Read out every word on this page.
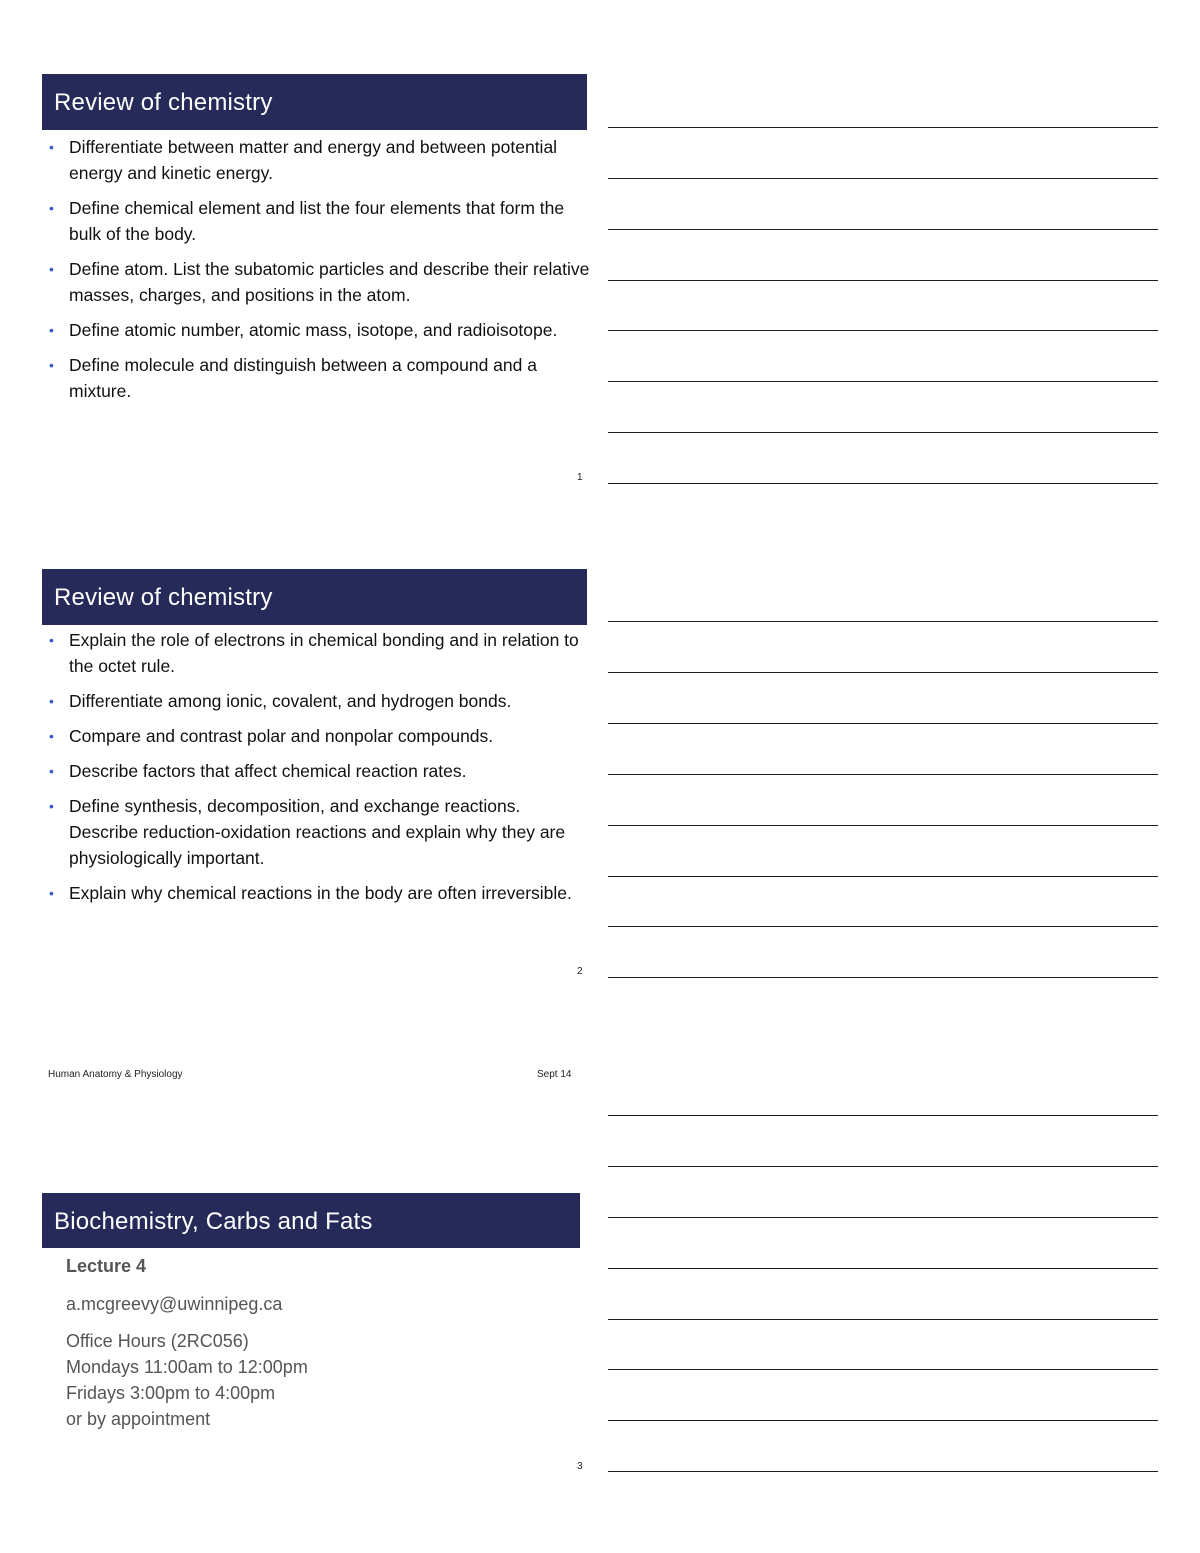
Review of chemistry
• Differentiate between matter and energy and between potential energy and kinetic energy.
• Define chemical element and list the four elements that form the bulk of the body.
• Define atom. List the subatomic particles and describe their relative masses, charges, and positions in the atom.
• Define atomic number, atomic mass, isotope, and radioisotope.
• Define molecule and distinguish between a compound and a mixture.
1
Review of chemistry
• Explain the role of electrons in chemical bonding and in relation to the octet rule.
• Differentiate among ionic, covalent, and hydrogen bonds.
• Compare and contrast polar and nonpolar compounds.
• Describe factors that affect chemical reaction rates.
• Define synthesis, decomposition, and exchange reactions. Describe reduction-oxidation reactions and explain why they are physiologically important.
• Explain why chemical reactions in the body are often irreversible.
2
Human Anatomy & Physiology	Sept 14
Biochemistry, Carbs and Fats
Lecture 4
a.mcgreevy@uwinnipeg.ca
Office Hours (2RC056)
Mondays 11:00am to 12:00pm
Fridays 3:00pm to 4:00pm
or by appointment
3
